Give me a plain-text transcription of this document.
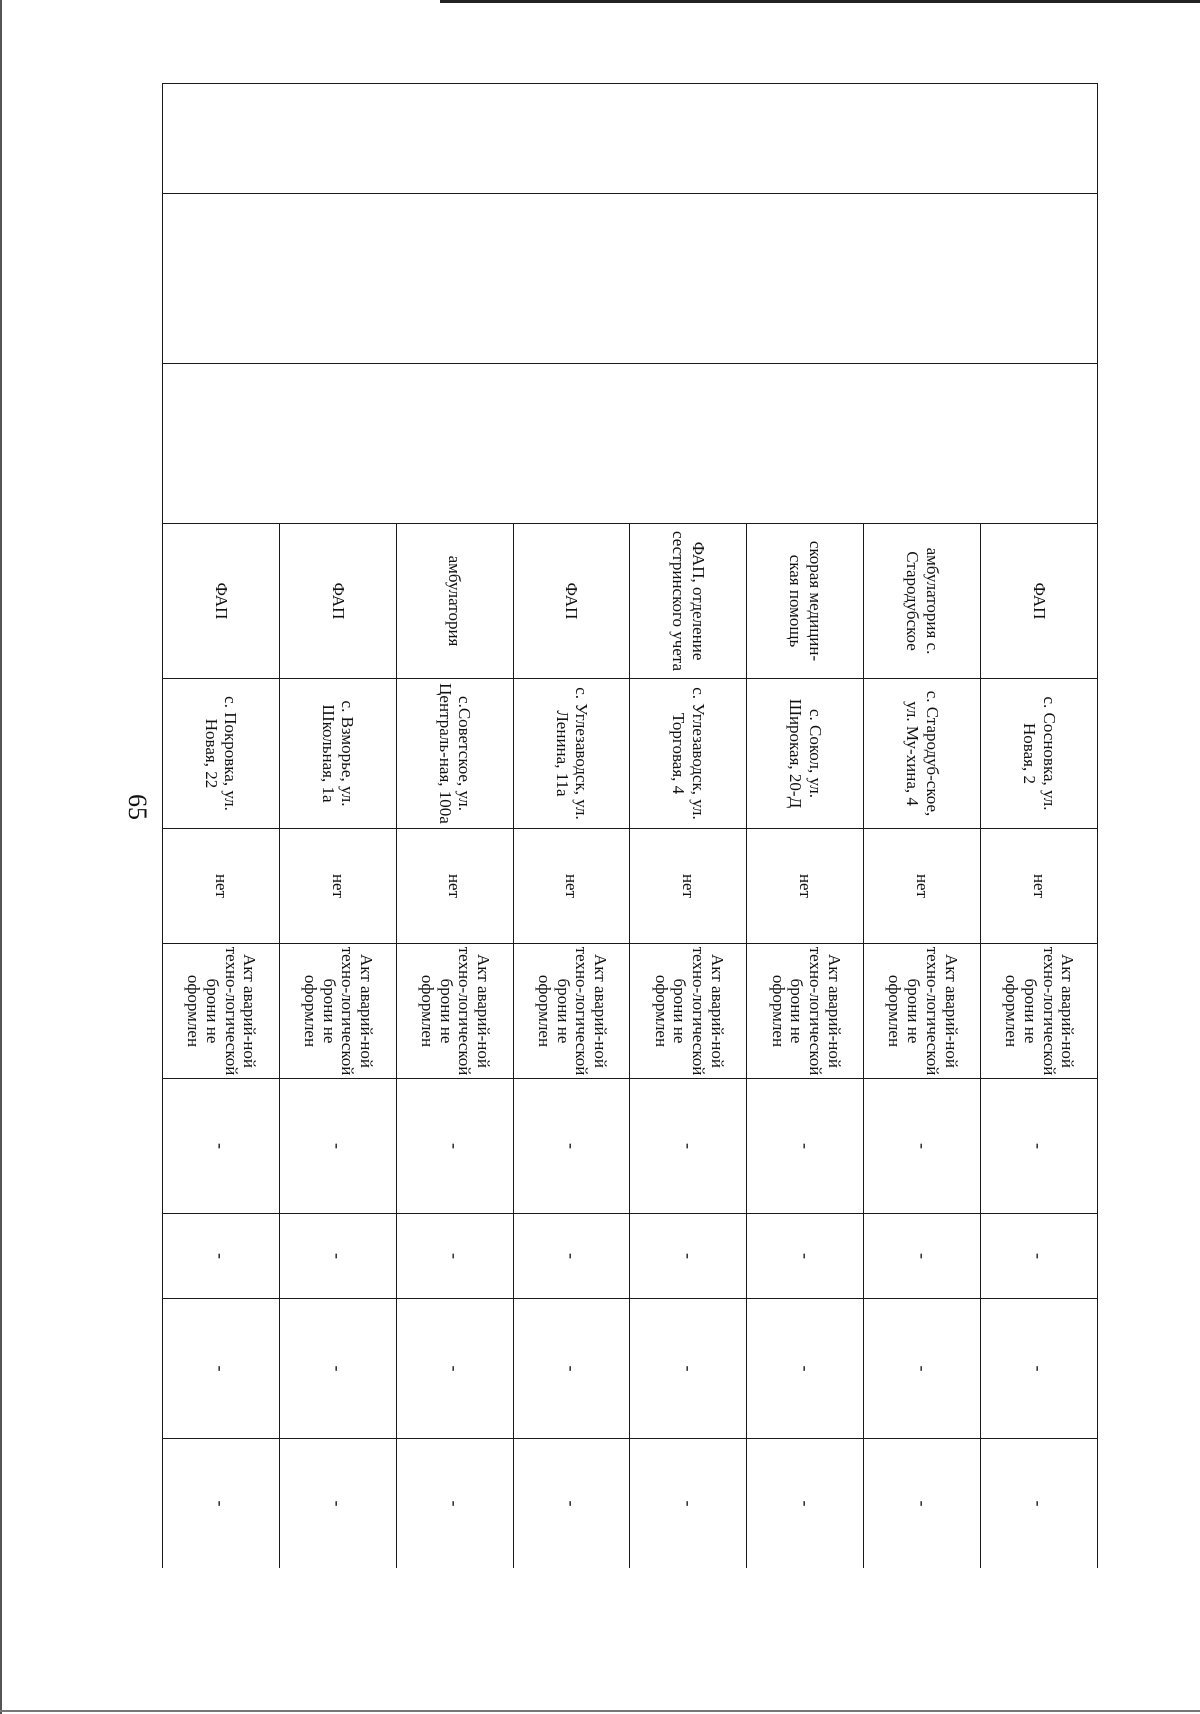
65
			ФАП	с. Сосновка, ул. Новая, 2	нет	Акт аварий-ной техно-логической брони не оформлен	-	-	-	-
			амбулатория с. Стародубское	с. Стародуб-ское, ул. Му-хина, 4	нет	Акт аварий-ной техно-логической брони не оформлен	-	-	-	-
			скорая медицин-ская помощь	с. Сокол, ул. Широкая, 20-Д	нет	Акт аварий-ной техно-логической брони не оформлен	-	-	-	-
			ФАП, отделение сестринского учета	с. Углезаводск, ул. Торговая, 4	нет	Акт аварий-ной техно-логической брони не оформлен	-	-	-	-
			ФАП	с. Углезаводск, ул. Ленина, 11а	нет	Акт аварий-ной техно-логической брони не оформлен	-	-	-	-
			амбулатория	с.Советское, ул. Централь-ная, 100а	нет	Акт аварий-ной техно-логической брони не оформлен	-	-	-	-
			ФАП	с. Взморье, ул. Школьная, 1а	нет	Акт аварий-ной техно-логической брони не оформлен	-	-	-	-
			ФАП	с. Покровка, ул. Новая, 22	нет	Акт аварий-ной техно-логической брони не оформлен	-	-	-	-
